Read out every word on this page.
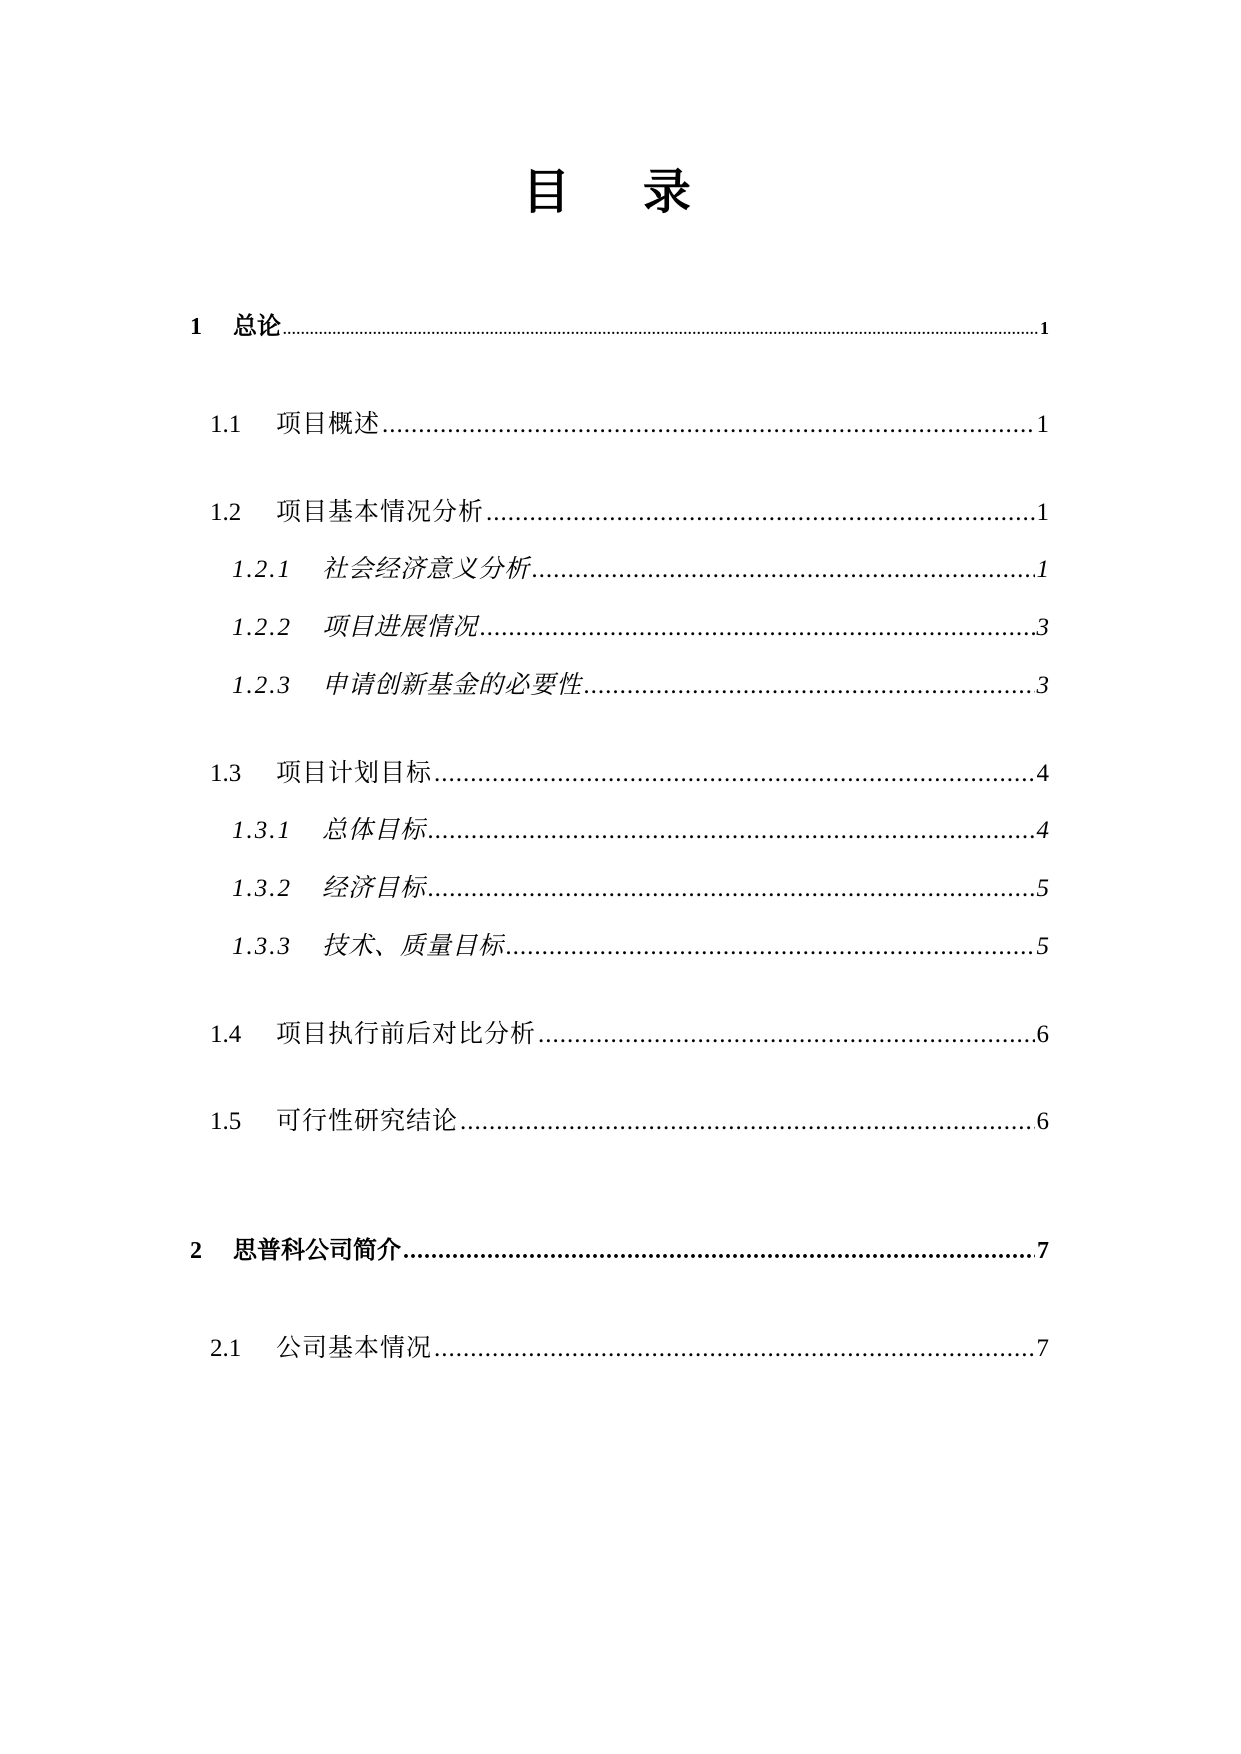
目 录
1	总论 .....	1
1.1	项目概述 .....	1
1.2	项目基本情况分析 .....	1
1.2.1	社会经济意义分析 .....	1
1.2.2	项目进展情况 .....	3
1.2.3	申请创新基金的必要性 .....	3
1.3	项目计划目标 .....	4
1.3.1	总体目标 .....	4
1.3.2	经济目标 .....	5
1.3.3	技术、质量目标 .....	5
1.4	项目执行前后对比分析 .....	6
1.5	可行性研究结论 .....	6
2	思普科公司简介 .....	7
2.1	公司基本情况 .....	7
